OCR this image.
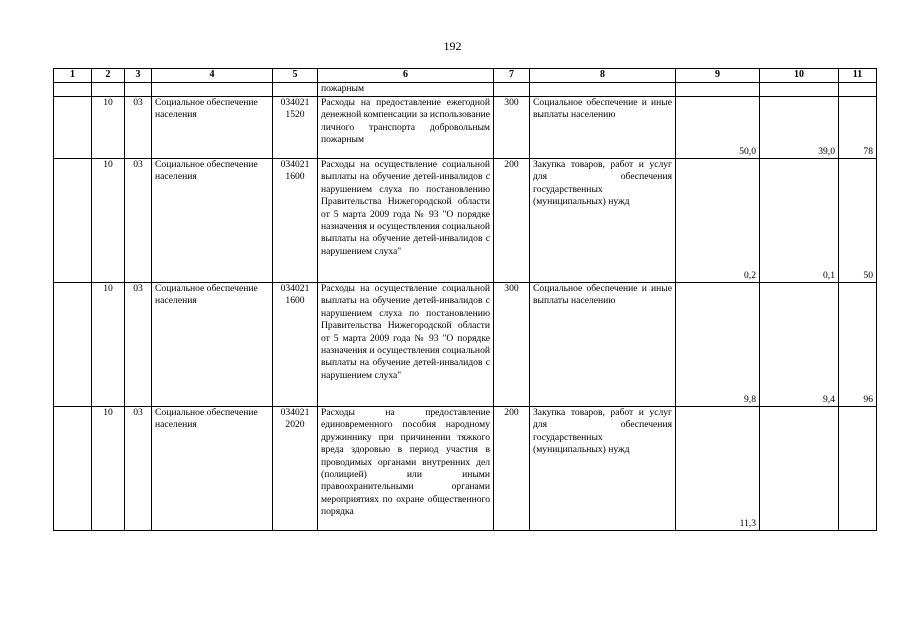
192
1	2	3	4	5	6	7	8	9	10	11
					пожарным					
	10	03	Социальное обеспечение населения	034021 1520	Расходы на предоставление ежегодной денежной компенсации за использование личного транспорта добровольным пожарным	300	Социальное обеспечение и иные выплаты населению	50,0	39,0	78
	10	03	Социальное обеспечение населения	034021 1600	Расходы на осуществление социальной выплаты на обучение детей-инвалидов с нарушением слуха по постановлению Правительства Нижегородской области от 5 марта 2009 года № 93 "О порядке назначения и осуществления социальной выплаты на обучение детей-инвалидов с нарушением слуха"	200	Закупка товаров, работ и услуг для обеспечения государственных (муниципальных) нужд	0,2	0,1	50
	10	03	Социальное обеспечение населения	034021 1600	Расходы на осуществление социальной выплаты на обучение детей-инвалидов с нарушением слуха по постановлению Правительства Нижегородской области от 5 марта 2009 года № 93 "О порядке назначения и осуществления социальной выплаты на обучение детей-инвалидов с нарушением слуха"	300	Социальное обеспечение и иные выплаты населению	9,8	9,4	96
	10	03	Социальное обеспечение населения	034021 2020	Расходы на предоставление единовременного пособия народному дружиннику при причинении тяжкого вреда здоровью в период участия в проводимых органами внутренних дел (полицией) или иными правоохранительными органами мероприятиях по охране общественного порядка	200	Закупка товаров, работ и услуг для обеспечения государственных (муниципальных) нужд	11,3		
